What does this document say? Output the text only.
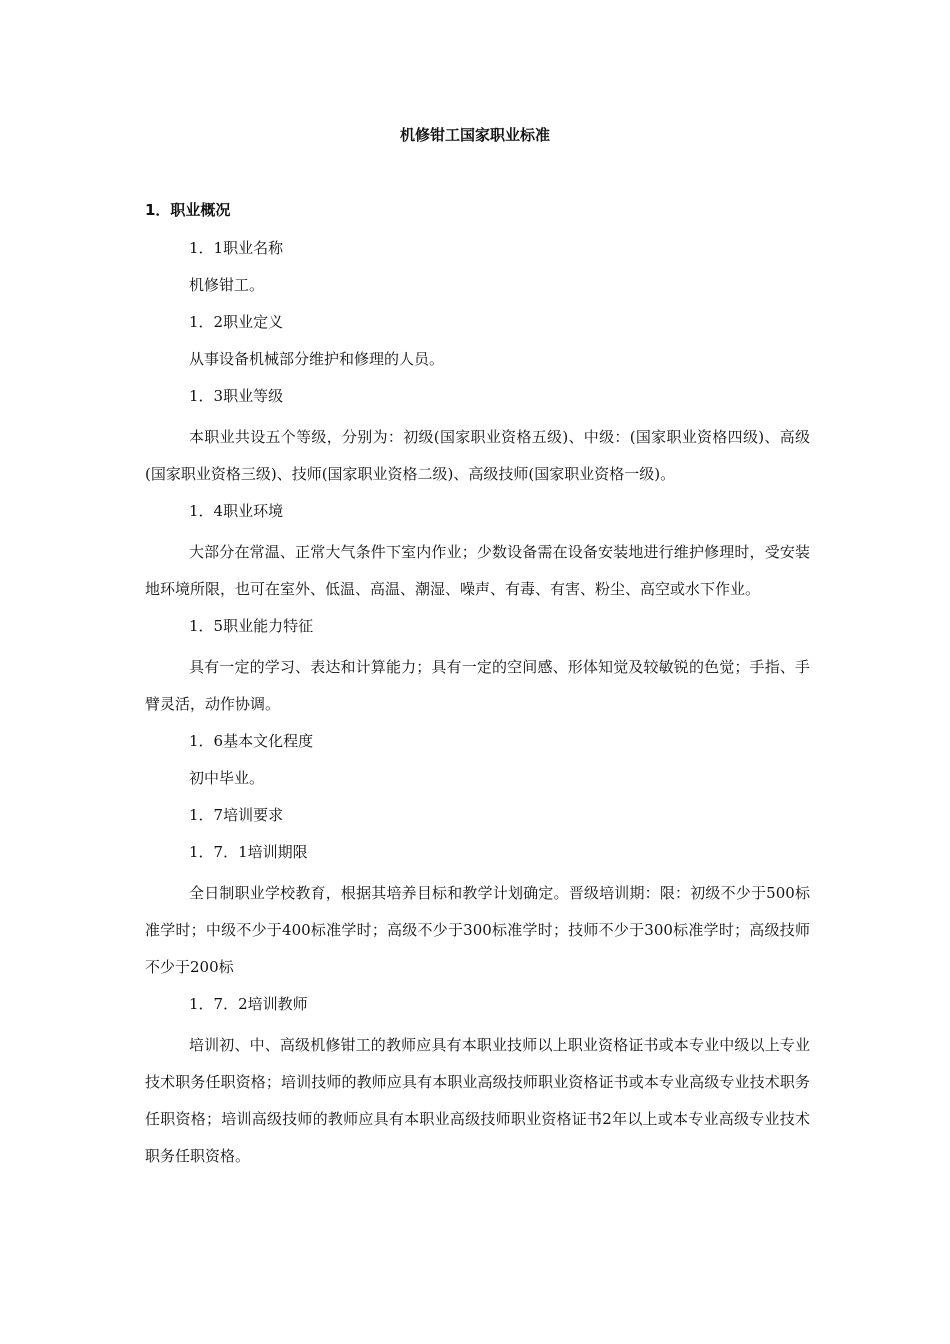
机修钳工国家职业标准
1．职业概况
1．1职业名称
机修钳工。
1．2职业定义
从事设备机械部分维护和修理的人员。
1．3职业等级
本职业共设五个等级，分别为：初级(国家职业资格五级)、中级：(国家职业资格四级)、高级(国家职业资格三级)、技师(国家职业资格二级)、高级技师(国家职业资格一级)。
1．4职业环境
大部分在常温、正常大气条件下室内作业；少数设备需在设备安装地进行维护修理时，受安装地环境所限，也可在室外、低温、高温、潮湿、噪声、有毒、有害、粉尘、高空或水下作业。
1．5职业能力特征
具有一定的学习、表达和计算能力；具有一定的空间感、形体知觉及较敏锐的色觉；手指、手臂灵活，动作协调。
1．6基本文化程度
初中毕业。
1．7培训要求
1．7．1培训期限
全日制职业学校教育，根据其培养目标和教学计划确定。晋级培训期：限：初级不少于500标准学时；中级不少于400标准学时；高级不少于300标准学时；技师不少于300标准学时；高级技师不少于200标
1．7．2培训教师
培训初、中、高级机修钳工的教师应具有本职业技师以上职业资格证书或本专业中级以上专业技术职务任职资格；培训技师的教师应具有本职业高级技师职业资格证书或本专业高级专业技术职务任职资格；培训高级技师的教师应具有本职业高级技师职业资格证书2年以上或本专业高级专业技术职务任职资格。
